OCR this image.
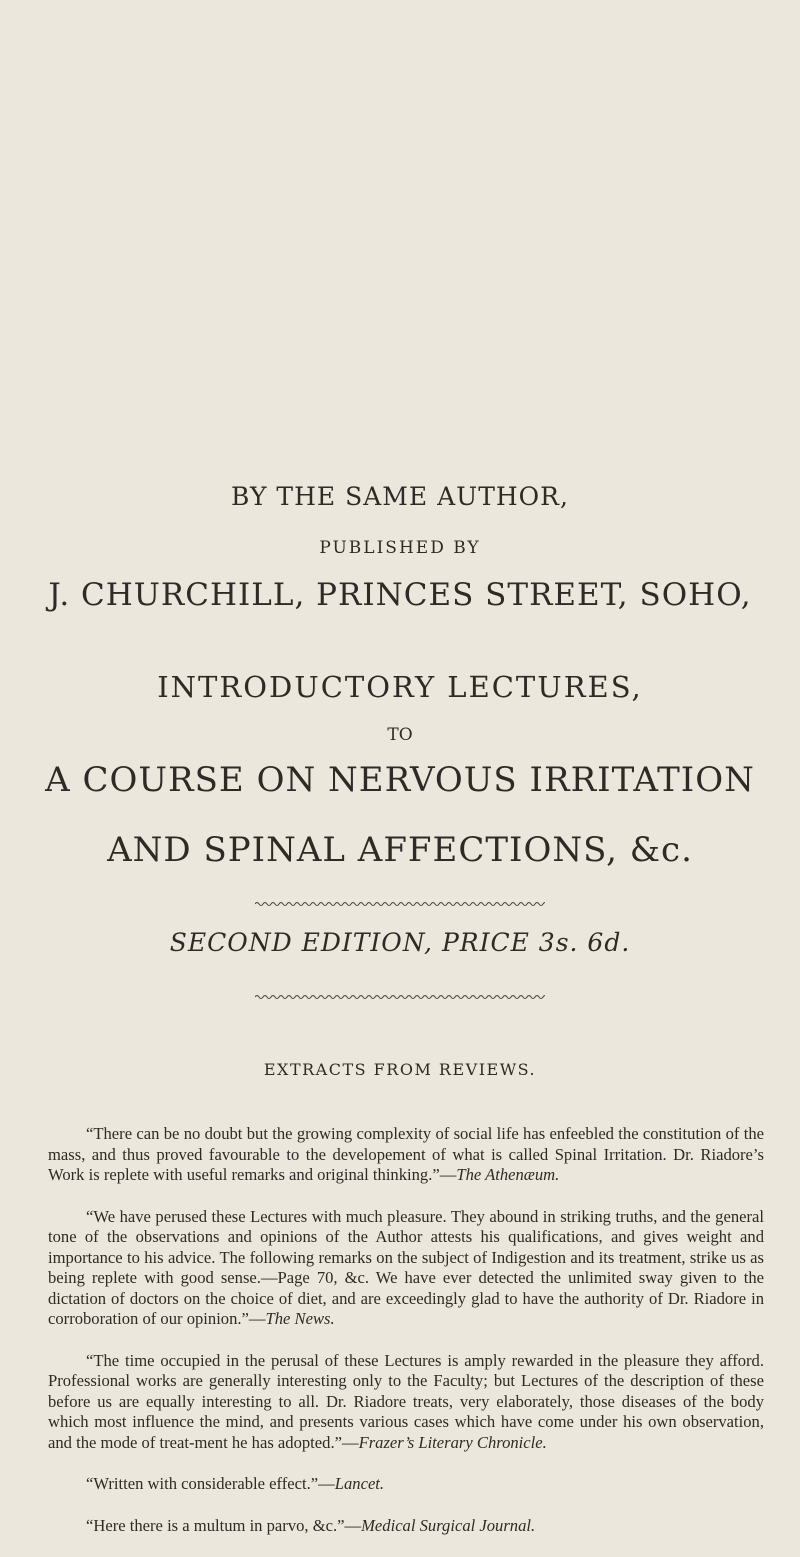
BY THE SAME AUTHOR,
PUBLISHED BY
J. CHURCHILL, PRINCES STREET, SOHO,
INTRODUCTORY LECTURES,
TO
A COURSE ON NERVOUS IRRITATION
AND SPINAL AFFECTIONS, &c.
SECOND EDITION, PRICE 3s. 6d.
EXTRACTS FROM REVIEWS.

“There can be no doubt but the growing complexity of social life has enfeebled the constitution of the mass, and thus proved favourable to the developement of what is called Spinal Irritation. Dr. Riadore’s Work is replete with useful remarks and original thinking.”—The Athenæum.

“We have perused these Lectures with much pleasure. They abound in striking truths, and the general tone of the observations and opinions of the Author attests his qualifications, and gives weight and importance to his advice. The following remarks on the subject of Indigestion and its treatment, strike us as being replete with good sense.—Page 70, &c. We have ever detected the unlimited sway given to the dictation of doctors on the choice of diet, and are exceedingly glad to have the authority of Dr. Riadore in corroboration of our opinion.”—The News.

“The time occupied in the perusal of these Lectures is amply rewarded in the pleasure they afford. Professional works are generally interesting only to the Faculty; but Lectures of the description of these before us are equally interesting to all. Dr. Riadore treats, very elaborately, those diseases of the body which most influence the mind, and presents various cases which have come under his own observation, and the mode of treat-ment he has adopted.”—Frazer’s Literary Chronicle.

“Written with considerable effect.”—Lancet.

“Here there is a multum in parvo, &c.”—Medical Surgical Journal.
